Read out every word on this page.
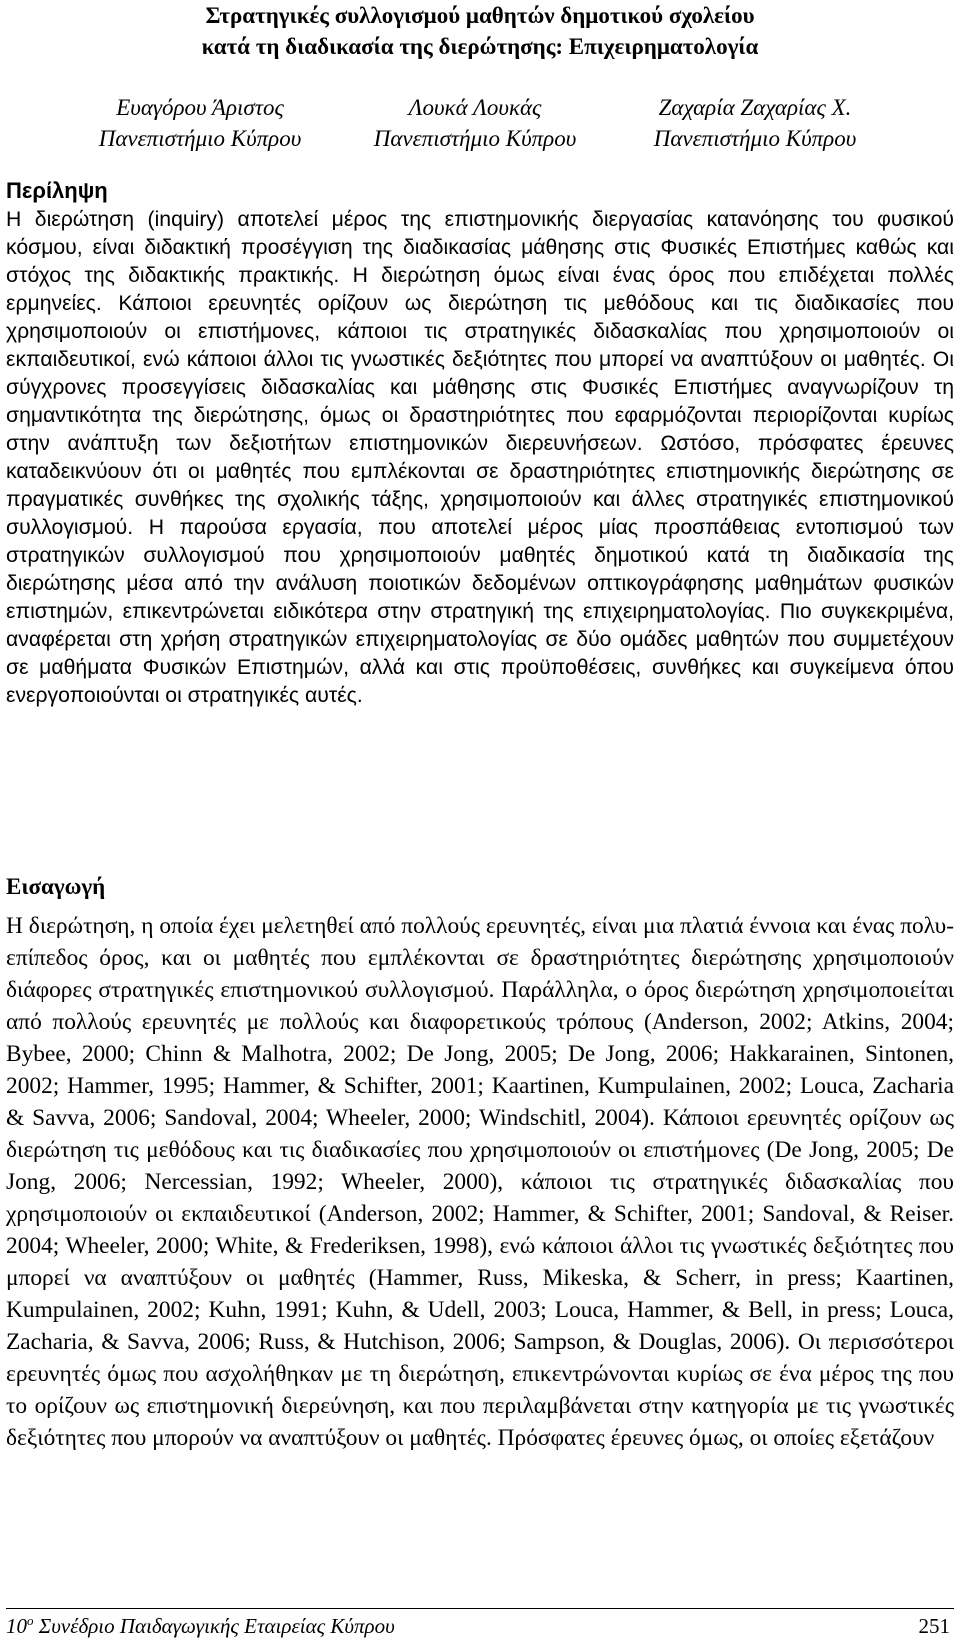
Στρατηγικές συλλογισμού μαθητών δημοτικού σχολείου
κατά τη διαδικασία της διερώτησης: Επιχειρηματολογία
Ευαγόρου Άριστος
Πανεπιστήμιο Κύπρου
Λουκά Λουκάς
Πανεπιστήμιο Κύπρου
Ζαχαρία Ζαχαρίας Χ.
Πανεπιστήμιο Κύπρου
Περίληψη

Η διερώτηση (inquiry) αποτελεί μέρος της επιστημονικής διεργασίας κατανόησης του φυσικού κόσμου, είναι διδακτική προσέγγιση της διαδικασίας μάθησης στις Φυσικές Επιστήμες καθώς και στόχος της διδακτικής πρακτικής. Η διερώτηση όμως είναι ένας όρος που επιδέχεται πολλές ερμηνείες. Κάποιοι ερευνητές ορίζουν ως διερώτηση τις μεθόδους και τις διαδικασίες που χρησιμοποιούν οι επιστήμονες, κάποιοι τις στρατηγικές διδασκαλίας που χρησιμοποιούν οι εκπαιδευτικοί, ενώ κάποιοι άλλοι τις γνωστικές δεξιότητες που μπορεί να αναπτύξουν οι μαθητές. Οι σύγχρονες προσεγγίσεις διδασκαλίας και μάθησης στις Φυσικές Επιστήμες αναγνωρίζουν τη σημαντικότητα της διερώτησης, όμως οι δραστηριότητες που εφαρμόζονται περιορίζονται κυρίως στην ανάπτυξη των δεξιοτήτων επιστημονικών διερευνήσεων. Ωστόσο, πρόσφατες έρευνες καταδεικνύουν ότι οι μαθητές που εμπλέκονται σε δραστηριότητες επιστημονικής διερώτησης σε πραγματικές συνθήκες της σχολικής τάξης, χρησιμοποιούν και άλλες στρατηγικές επιστημονικού συλλογισμού. Η παρούσα εργασία, που αποτελεί μέρος μίας προσπάθειας εντοπισμού των στρατηγικών συλλογισμού που χρησιμοποιούν μαθητές δημοτικού κατά τη διαδικασία της διερώτησης μέσα από την ανάλυση ποιοτικών δεδομένων οπτικογράφησης μαθημάτων φυσικών επιστημών, επικεντρώνεται ειδικότερα στην στρατηγική της επιχειρηματολογίας. Πιο συγκεκριμένα, αναφέρεται στη χρήση στρατηγικών επιχειρηματολογίας σε δύο ομάδες μαθητών που συμμετέχουν σε μαθήματα Φυσικών Επιστημών, αλλά και στις προϋποθέσεις, συνθήκες και συγκείμενα όπου ενεργοποιούνται οι στρατηγικές αυτές.

Εισαγωγή

Η διερώτηση, η οποία έχει μελετηθεί από πολλούς ερευνητές, είναι μια πλατιά έννοια και ένας πολυ-επίπεδος όρος, και οι μαθητές που εμπλέκονται σε δραστηριότητες διερώτησης χρησιμοποιούν διάφορες στρατηγικές επιστημονικού συλλογισμού. Παράλληλα, ο όρος διερώτηση χρησιμοποιείται από πολλούς ερευνητές με πολλούς και διαφορετικούς τρόπους (Anderson, 2002; Atkins, 2004; Bybee, 2000; Chinn & Malhotra, 2002; De Jong, 2005; De Jong, 2006; Hakkarainen, Sintonen, 2002; Hammer, 1995; Hammer, & Schifter, 2001; Kaartinen, Kumpulainen, 2002; Louca, Zacharia & Savva, 2006; Sandoval, 2004; Wheeler, 2000; Windschitl, 2004). Κάποιοι ερευνητές ορίζουν ως διερώτηση τις μεθόδους και τις διαδικασίες που χρησιμοποιούν οι επιστήμονες (De Jong, 2005; De Jong, 2006; Nercessian, 1992; Wheeler, 2000), κάποιοι τις στρατηγικές διδασκαλίας που χρησιμοποιούν οι εκπαιδευτικοί (Anderson, 2002; Hammer, & Schifter, 2001; Sandoval, & Reiser. 2004; Wheeler, 2000; White, & Frederiksen, 1998), ενώ κάποιοι άλλοι τις γνωστικές δεξιότητες που μπορεί να αναπτύξουν οι μαθητές (Hammer, Russ, Mikeska, & Scherr, in press; Kaartinen, Kumpulainen, 2002; Kuhn, 1991; Kuhn, & Udell, 2003; Louca, Hammer, & Bell, in press; Louca, Zacharia, & Savva, 2006; Russ, & Hutchison, 2006; Sampson, & Douglas, 2006). Οι περισσότεροι ερευνητές όμως που ασχολήθηκαν με τη διερώτηση, επικεντρώνονται κυρίως σε ένα μέρος της που το ορίζουν ως επιστημονική διερεύνηση, και που περιλαμβάνεται στην κατηγορία με τις γνωστικές δεξιότητες που μπορούν να αναπτύξουν οι μαθητές. Πρόσφατες έρευνες όμως, οι οποίες εξετάζουν

$10^o$ Συνέδριο Παιδαγωγικής Εταιρείας Κύπρου	251
